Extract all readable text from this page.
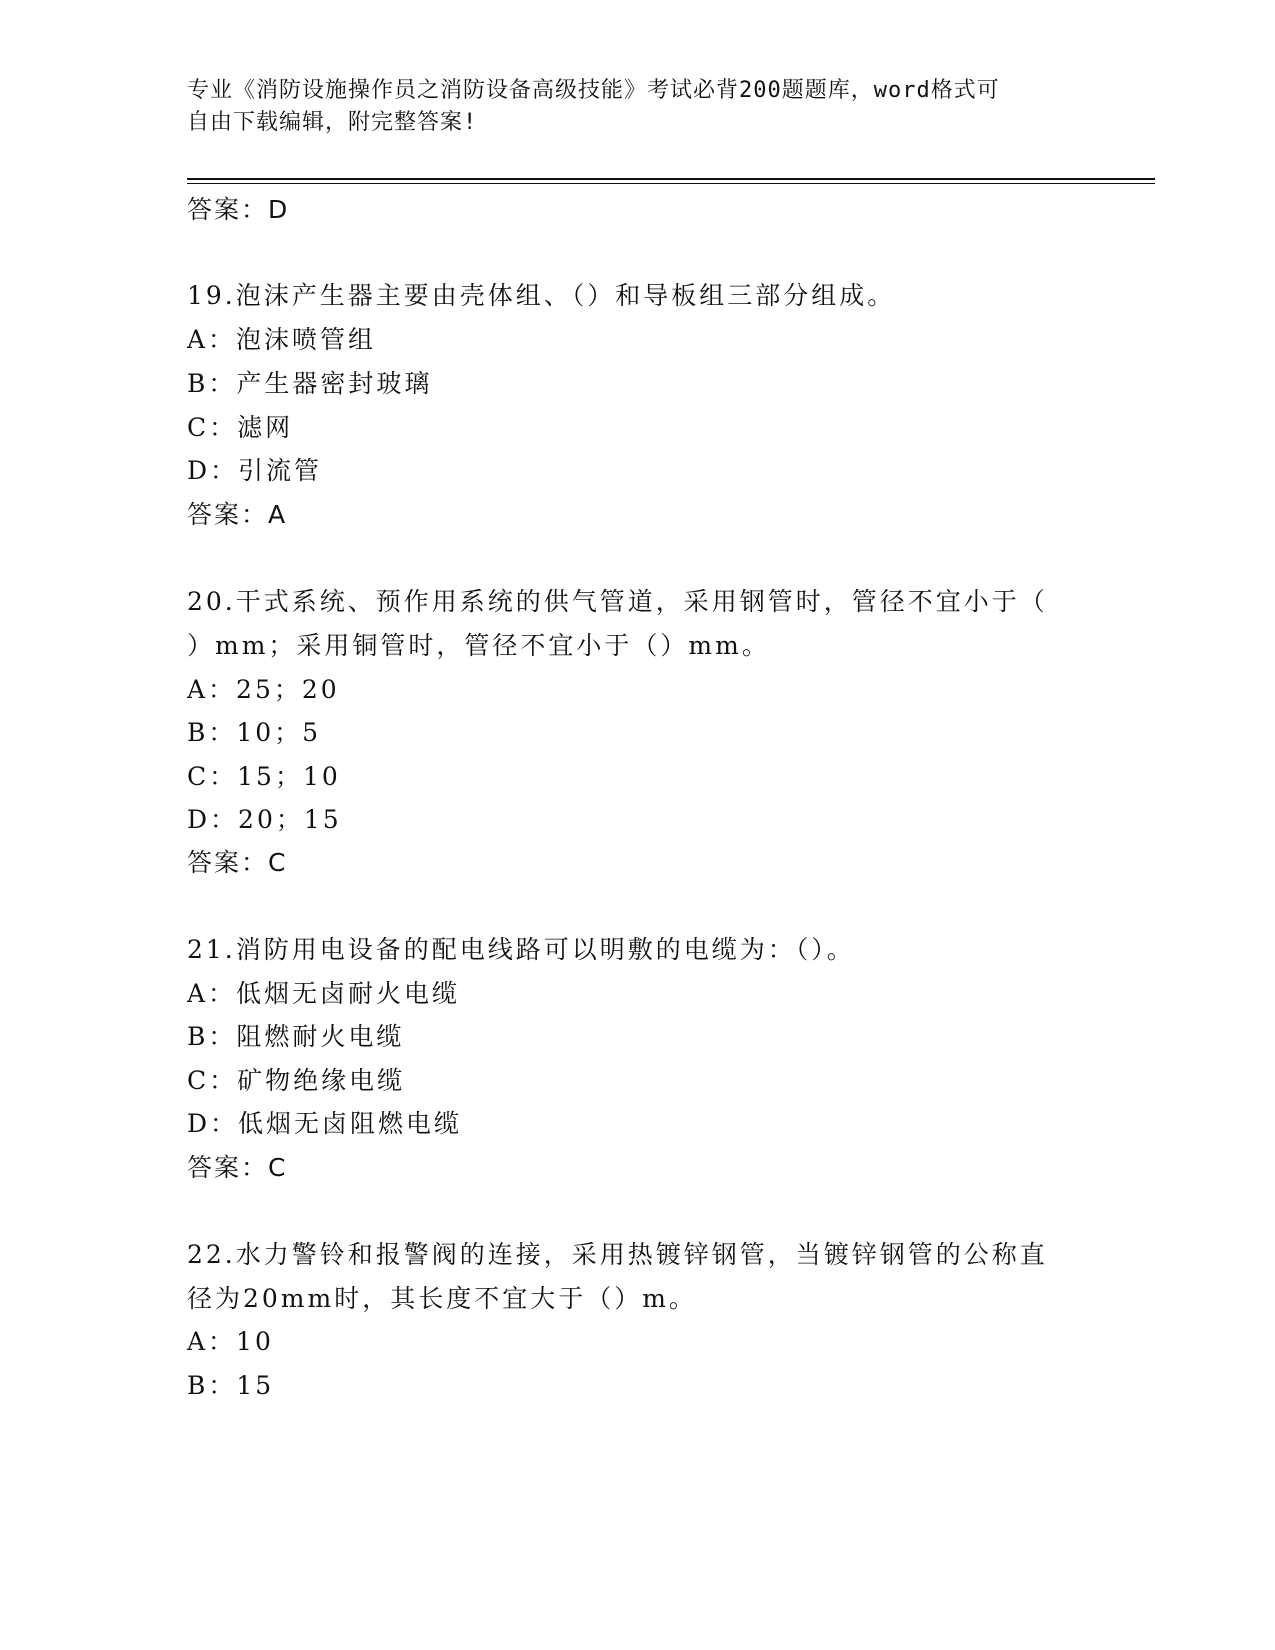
专业《消防设施操作员之消防设备高级技能》考试必背200题题库，word格式可
自由下载编辑，附完整答案!
答案：D
19.泡沫产生器主要由壳体组、（）和导板组三部分组成。
A：泡沫喷管组
B：产生器密封玻璃
C：滤网
D：引流管
答案：A
20.干式系统、预作用系统的供气管道，采用钢管时，管径不宜小于（
）mm；采用铜管时，管径不宜小于（）mm。
A：25；20
B：10；5
C：15；10
D：20；15
答案：C
21.消防用电设备的配电线路可以明敷的电缆为：（）。
A：低烟无卤耐火电缆
B：阻燃耐火电缆
C：矿物绝缘电缆
D：低烟无卤阻燃电缆
答案：C
22.水力警铃和报警阀的连接，采用热镀锌钢管，当镀锌钢管的公称直
径为20mm时，其长度不宜大于（）m。
A：10
B：15
